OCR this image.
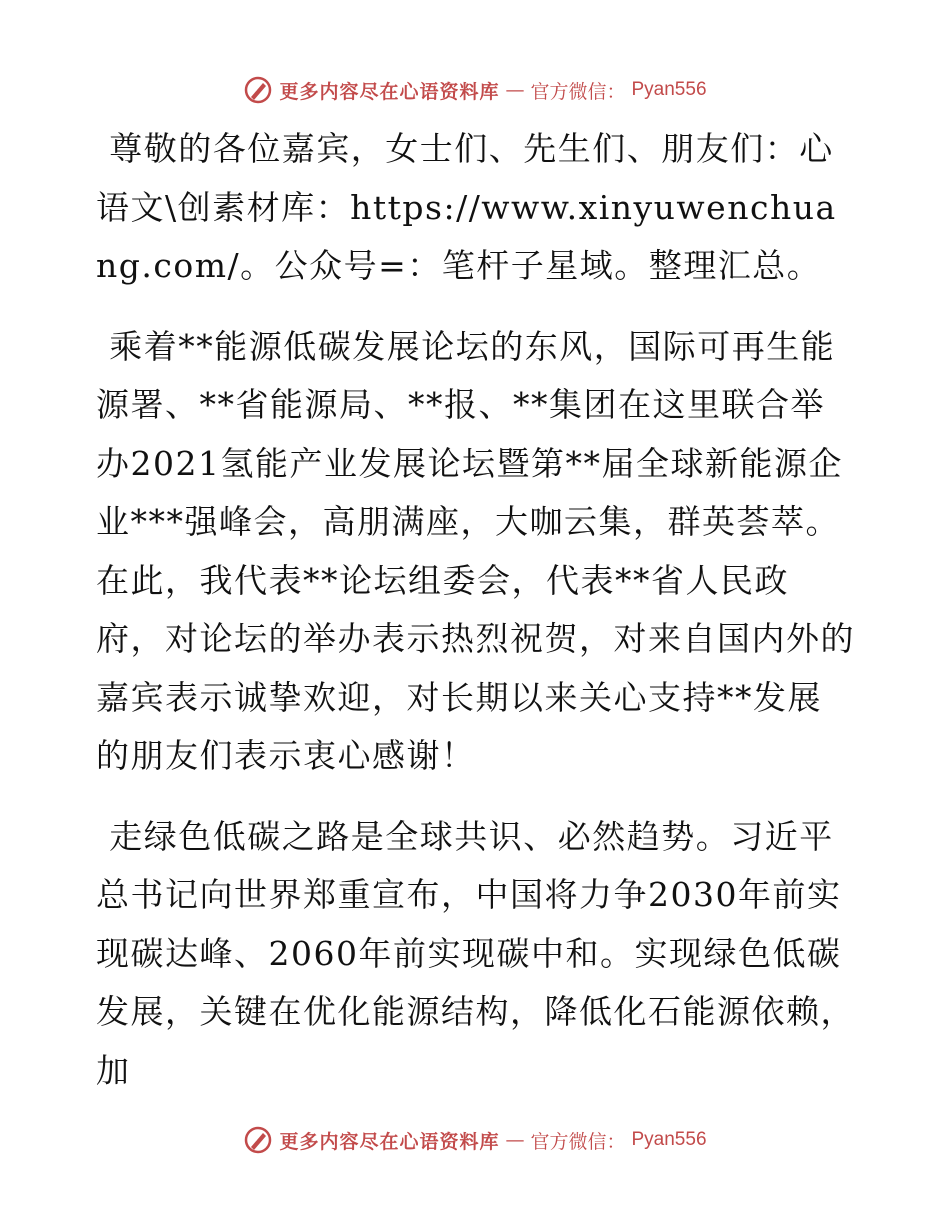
更多内容尽在心语资料库 — 官方微信： Pyan556

尊敬的各位嘉宾，女士们、先生们、朋友们：心语文\创素材库：https://www.xinyuwenchuang.com/。公众号=：笔杆子星域。整理汇总。

乘着**能源低碳发展论坛的东风，国际可再生能源署、**省能源局、**报、**集团在这里联合举办2021氢能产业发展论坛暨第**届全球新能源企业***强峰会，高朋满座，大咖云集，群英荟萃。在此，我代表**论坛组委会，代表**省人民政府，对论坛的举办表示热烈祝贺，对来自国内外的嘉宾表示诚挚欢迎，对长期以来关心支持**发展的朋友们表示衷心感谢！

走绿色低碳之路是全球共识、必然趋势。习近平总书记向世界郑重宣布，中国将力争2030年前实现碳达峰、2060年前实现碳中和。实现绿色低碳发展，关键在优化能源结构，降低化石能源依赖，加

更多内容尽在心语资料库 — 官方微信： Pyan556
